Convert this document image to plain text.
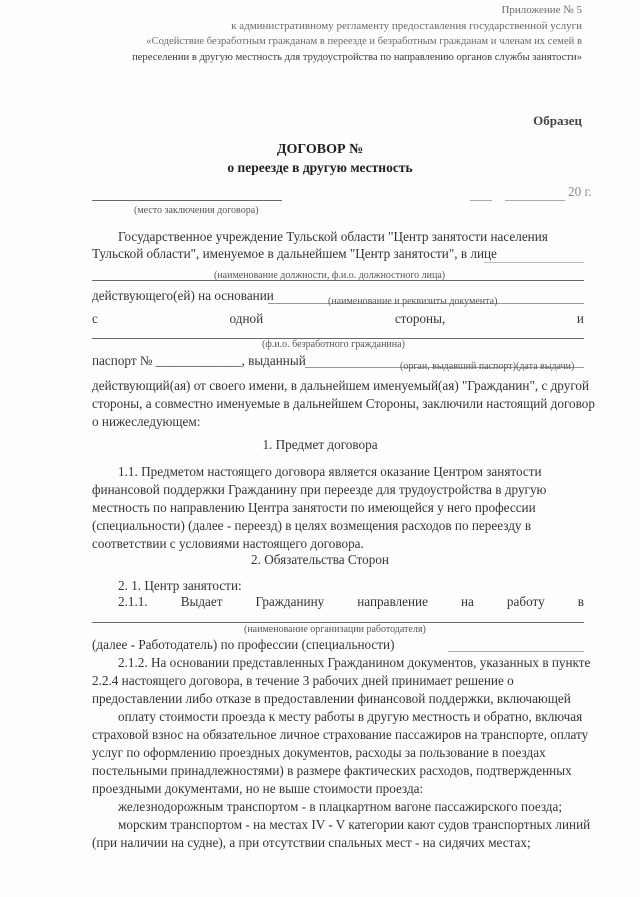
Приложение № 5
к административному регламенту предоставления государственной услуги
«Содействие безработным гражданам в переезде и безработным гражданам и членам их семей в
переселении в другую местность для трудоустройства по направлению органов службы занятости»
Образец
ДОГОВОР №
о переезде в другую местность
20 г.
(место заключения договора)
Государственное учреждение Тульской области "Центр занятости населения
Тульской области", именуемое в дальнейшем "Центр занятости", в лице
(наименование должности, ф.и.о. должностного лица)
действующего(ей) на основании	(наименование и реквизиты документа)
с	одной	стороны,	и
(ф.и.о. безработного гражданина)
паспорт № _____________, выданный	(орган, выдавший паспорт) (дата выдачи)
действующий(ая) от своего имени, в дальнейшем именуемый(ая) "Гражданин", с другой
стороны, а совместно именуемые в дальнейшем Стороны, заключили настоящий договор
о нижеследующем:
1. Предмет договора
1.1. Предметом настоящего договора является оказание Центром занятости
финансовой поддержки Гражданину при переезде для трудоустройства в другую
местность по направлению Центра занятости по имеющейся у него профессии
(специальности) (далее - переезд) в целях возмещения расходов по переезду в
соответствии с условиями настоящего договора.
2. Обязательства Сторон
2. 1. Центр занятости:
2.1.1.	Выдает	Гражданину	направление	на	работу	в
(наименование организации работодателя)
(далее - Работодатель) по профессии (специальности)
2.1.2. На основании представленных Гражданином документов, указанных в пункте
2.2.4 настоящего договора, в течение 3 рабочих дней принимает решение о
предоставлении либо отказе в предоставлении финансовой поддержки, включающей
оплату стоимости проезда к месту работы в другую местность и обратно, включая
страховой взнос на обязательное личное страхование пассажиров на транспорте, оплату
услуг по оформлению проездных документов, расходы за пользование в поездах
постельными принадлежностями) в размере фактических расходов, подтвержденных
проездными документами, но не выше стоимости проезда:
железнодорожным транспортом - в плацкартном вагоне пассажирского поезда;
морским транспортом - на местах IV - V категории кают судов транспортных линий
(при наличии на судне), а при отсутствии спальных мест - на сидячих местах;
